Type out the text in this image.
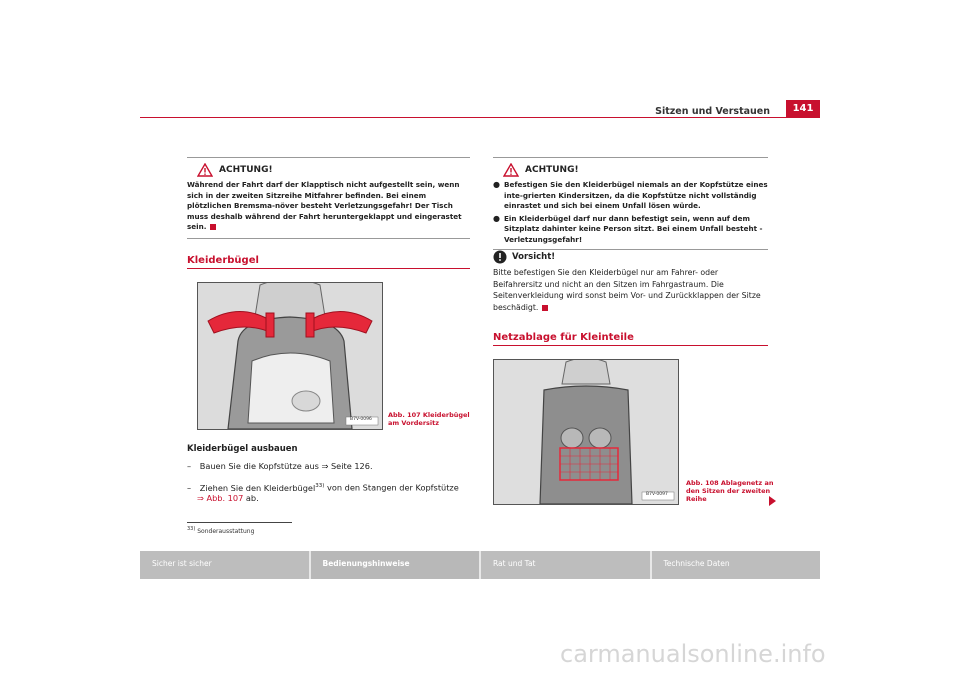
Sitzen und Verstauen	141
ACHTUNG!
Während der Fahrt darf der Klapptisch nicht aufgestellt sein, wenn sich in der zweiten Sitzreihe Mitfahrer befinden. Bei einem plötzlichen Bremsma-növer besteht Verletzungsgefahr! Der Tisch muss deshalb während der Fahrt heruntergeklappt und eingerastet sein.
Kleiderbügel
B7V-0096
Abb. 107 Kleiderbügel
am Vordersitz
Kleiderbügel ausbauen
– Bauen Sie die Kopfstütze aus ⇒ Seite 126.
– Ziehen Sie den Kleiderbügel$^{33)}$ von den Stangen der Kopfstütze
⇒ Abb. 107 ab.
$^{33)}$ Sonderausstattung
ACHTUNG!
● Befestigen Sie den Kleiderbügel niemals an der Kopfstütze eines inte-grierten Kindersitzen, da die Kopfstütze nicht vollständig einrastet und sich bei einem Unfall lösen würde.
● Ein Kleiderbügel darf nur dann befestigt sein, wenn auf dem Sitzplatz dahinter keine Person sitzt. Bei einem Unfall besteht - Verletzungsgefahr!
Vorsicht!
Bitte befestigen Sie den Kleiderbügel nur am Fahrer- oder Beifahrersitz und nicht an den Sitzen im Fahrgastraum. Die Seitenverkleidung wird sonst beim Vor- und Zurückklappen der Sitze beschädigt.
Netzablage für Kleinteile
B7V-0097
Abb. 108 Ablagenetz an
den Sitzen der zweiten
Reihe
Sicher ist sicher	Bedienungshinweise	Rat und Tat	Technische Daten
carmanualsonline.info
